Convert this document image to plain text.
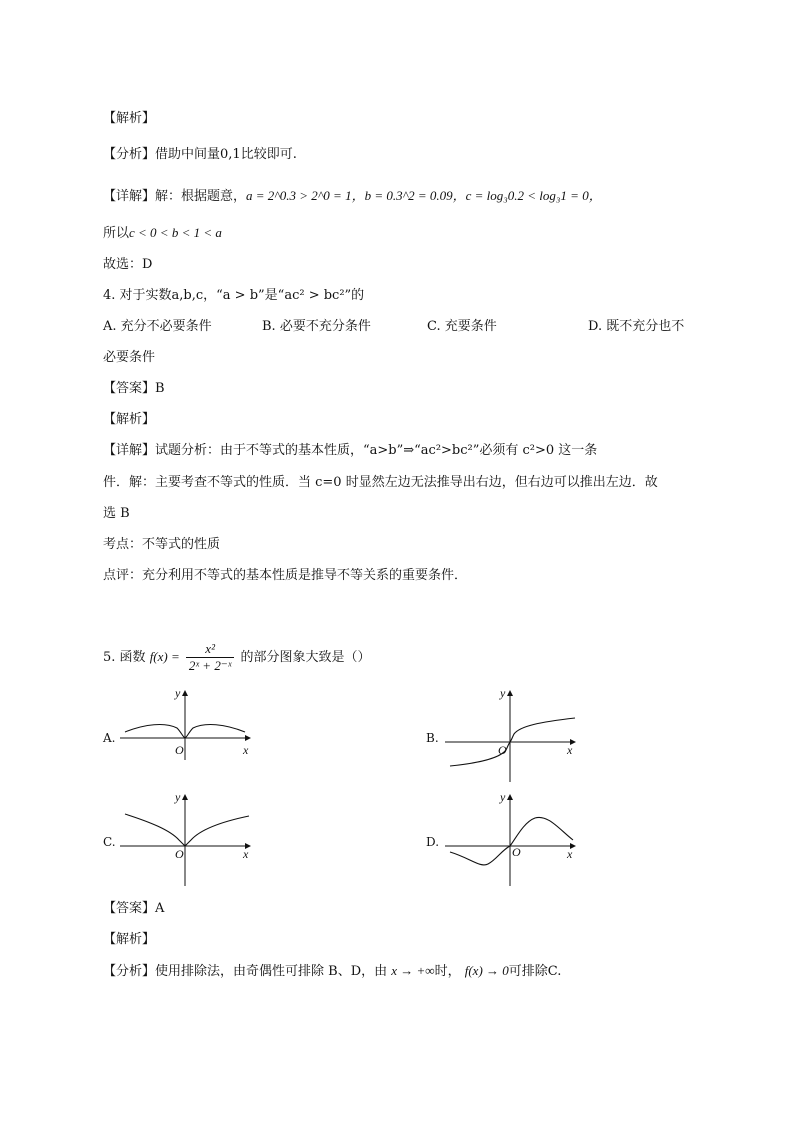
【解析】
【分析】借助中间量0,1比较即可.
【详解】解：根据题意，a = 2^0.3 > 2^0 = 1，b = 0.3^2 = 0.09，c = log₃0.2 < log₃1 = 0，
所以c < 0 < b < 1 < a
故选：D
4. 对于实数a,b,c，“a > b”是“ac² > bc²”的
A. 充分不必要条件	B. 必要不充分条件	C. 充要条件	D. 既不充分也不
必要条件
【答案】B
【解析】
【详解】试题分析：由于不等式的基本性质，“a>b”⇒“ac²>bc²”必须有 c²>0 这一条
件．解：主要考查不等式的性质．当 c=0 时显然左边无法推导出右边，但右边可以推出左边．故
选 B
考点：不等式的性质
点评：充分利用不等式的基本性质是推导不等关系的重要条件．
5. 函数 $f(x) = \frac{\text{x²}}{\text{2ˣ + 2⁻ˣ}}$ 的部分图象大致是（）
A.
y
x
O
B.
y
x
O
C.
y
x
O
D.
y
x
O
【答案】A
【解析】
【分析】使用排除法，由奇偶性可排除 B、D，由 x → +∞时， f(x) → 0可排除C.
